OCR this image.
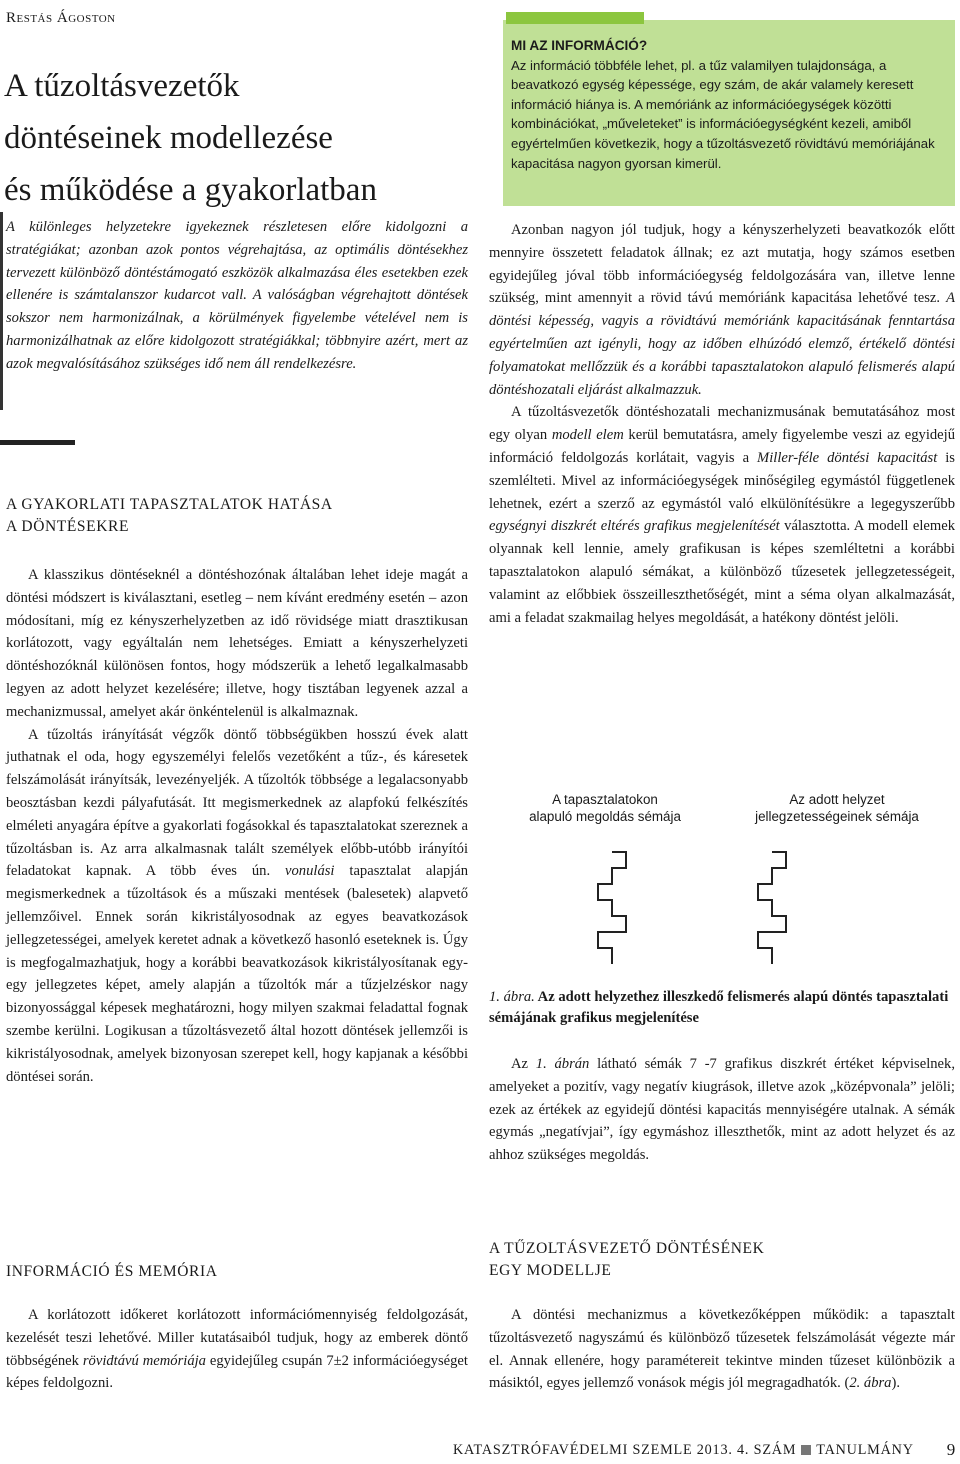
Restás Ágoston
A tűzoltásvezetők
döntéseinek modellezése
és működése a gyakorlatban
A különleges helyzetekre igyekeznek részletesen előre kidolgozni a stratégiákat; azonban azok pontos végrehajtása, az optimális döntésekhez tervezett különböző döntéstámogató eszközök alkalmazása éles esetekben ezek ellenére is számtalanszor kudarcot vall. A valóságban végrehajtott döntések sokszor nem harmonizálnak, a körülmények figyelembe vételével nem is harmonizálhatnak az előre kidolgozott stratégiákkal; többnyire azért, mert az azok megvalósításához szükséges idő nem áll rendelkezésre.
A GYAKORLATI TAPASZTALATOK HATÁSA
A DÖNTÉSEKRE

A klasszikus döntéseknél a döntéshozónak általában lehet ideje magát a döntési módszert is kiválasztani, esetleg – nem kívánt eredmény esetén – azon módosítani, míg ez kényszerhelyzetben az idő rövidsége miatt drasztikusan korlátozott, vagy egyáltalán nem lehetséges. Emiatt a kényszerhelyzeti döntéshozóknál különösen fontos, hogy módszerük a lehető legalkalmasabb legyen az adott helyzet kezelésére; illetve, hogy tisztában legyenek azzal a mechanizmussal, amelyet akár önkéntelenül is alkalmaznak.

A tűzoltás irányítását végzők döntő többségükben hosszú évek alatt juthatnak el oda, hogy egyszemélyi felelős vezetőként a tűz-, és káresetek felszámolását irányítsák, levezényeljék. A tűzoltók többsége a legalacsonyabb beosztásban kezdi pályafutását. Itt megismerkednek az alapfokú felkészítés elméleti anyagára építve a gyakorlati fogásokkal és tapasztalatokat szereznek a tűzoltásban is. Az arra alkalmasnak talált személyek előbb-utóbb irányítói feladatokat kapnak. A több éves ún. vonulási tapasztalat alapján megismerkednek a tűzoltások és a műszaki mentések (balesetek) alapvető jellemzőivel. Ennek során kikristályosodnak az egyes beavatkozások jellegzetességei, amelyek keretet adnak a következő hasonló eseteknek is. Úgy is megfogalmazhatjuk, hogy a korábbi beavatkozások kikristályosítanak egy-egy jellegzetes képet, amely alapján a tűzoltók már a tűzjelzéskor nagy bizonyossággal képesek meghatározni, hogy milyen szakmai feladattal fognak szembe kerülni. Logikusan a tűzoltásvezető által hozott döntések jellemzői is kikristályosodnak, amelyek bizonyosan szerepet kell, hogy kapjanak a későbbi döntései során.

INFORMÁCIÓ ÉS MEMÓRIA

A korlátozott időkeret korlátozott információmennyiség feldolgozását, kezelését teszi lehetővé. Miller kutatásaiból tudjuk, hogy az emberek döntő többségének rövidtávú memóriája egyidejűleg csupán 7±2 információegységet képes feldolgozni.

MI AZ INFORMÁCIÓ?
Az információ többféle lehet, pl. a tűz valamilyen tulajdonsága, a beavatkozó egység képessége, egy szám, de akár valamely keresett információ hiánya is. A memóriánk az információegységek közötti kombinációkat, „műveleteket” is információegységként kezeli, amiből egyértelműen következik, hogy a tűzoltásvezető rövidtávú memóriájának kapacitása nagyon gyorsan kimerül.

Azonban nagyon jól tudjuk, hogy a kényszerhelyzeti beavatkozók előtt mennyire összetett feladatok állnak; ez azt mutatja, hogy számos esetben egyidejűleg jóval több információegység feldolgozására van, illetve lenne szükség, mint amennyit a rövid távú memóriánk kapacitása lehetővé tesz. A döntési képesség, vagyis a rövidtávú memóriánk kapacitásának fenntartása egyértelműen azt igényli, hogy az időben elhúzódó elemző, értékelő döntési folyamatokat mellőzzük és a korábbi tapasztalatokon alapuló felismerés alapú döntéshozatali eljárást alkalmazzuk.

A tűzoltásvezetők döntéshozatali mechanizmusának bemutatásához most egy olyan modell elem kerül bemutatásra, amely figyelembe veszi az egyidejű információ feldolgozás korlátait, vagyis a Miller-féle döntési kapacitást is szemlélteti. Mivel az információegységek minőségileg egymástól függetlenek lehetnek, ezért a szerző az egymástól való elkülönítésükre a legegyszerűbb egységnyi diszkrét eltérés grafikus megjelenítését választotta. A modell elemek olyannak kell lennie, amely grafikusan is képes szemléltetni a korábbi tapasztalatokon alapuló sémákat, a különböző tűzesetek jellegzetességeit, valamint az előbbiek összeilleszthetőségét, mint a séma olyan alkalmazását, ami a feladat szakmailag helyes megoldását, a hatékony döntést jelöli.

A tapasztalatokon
alapuló megoldás sémája
Az adott helyzet
jellegzetességeinek sémája
1. ábra. Az adott helyzethez illeszkedő felismerés alapú döntés tapasztalati sémájának grafikus megjelenítése

Az 1. ábrán látható sémák 7 -7 grafikus diszkrét értéket képviselnek, amelyeket a pozitív, vagy negatív kiugrások, illetve azok „középvonala” jelöli; ezek az értékek az egyidejű döntési kapacitás mennyiségére utalnak. A sémák egymás „negatívjai”, így egymáshoz illeszthetők, mint az adott helyzet és az ahhoz szükséges megoldás.

A TŰZOLTÁSVEZETŐ DÖNTÉSÉNEK
EGY MODELLJE

A döntési mechanizmus a következőképpen működik: a tapasztalt tűzoltásvezető nagyszámú és különböző tűzesetek felszámolását végezte már el. Annak ellenére, hogy paramétereit tekintve minden tűzeset különbözik a másiktól, egyes jellemző vonások mégis jól megragadhatók. (2. ábra).

KATASZTRÓFAVÉDELMI SZEMLE 2013. 4. SZÁM TANULMÁNY 9
